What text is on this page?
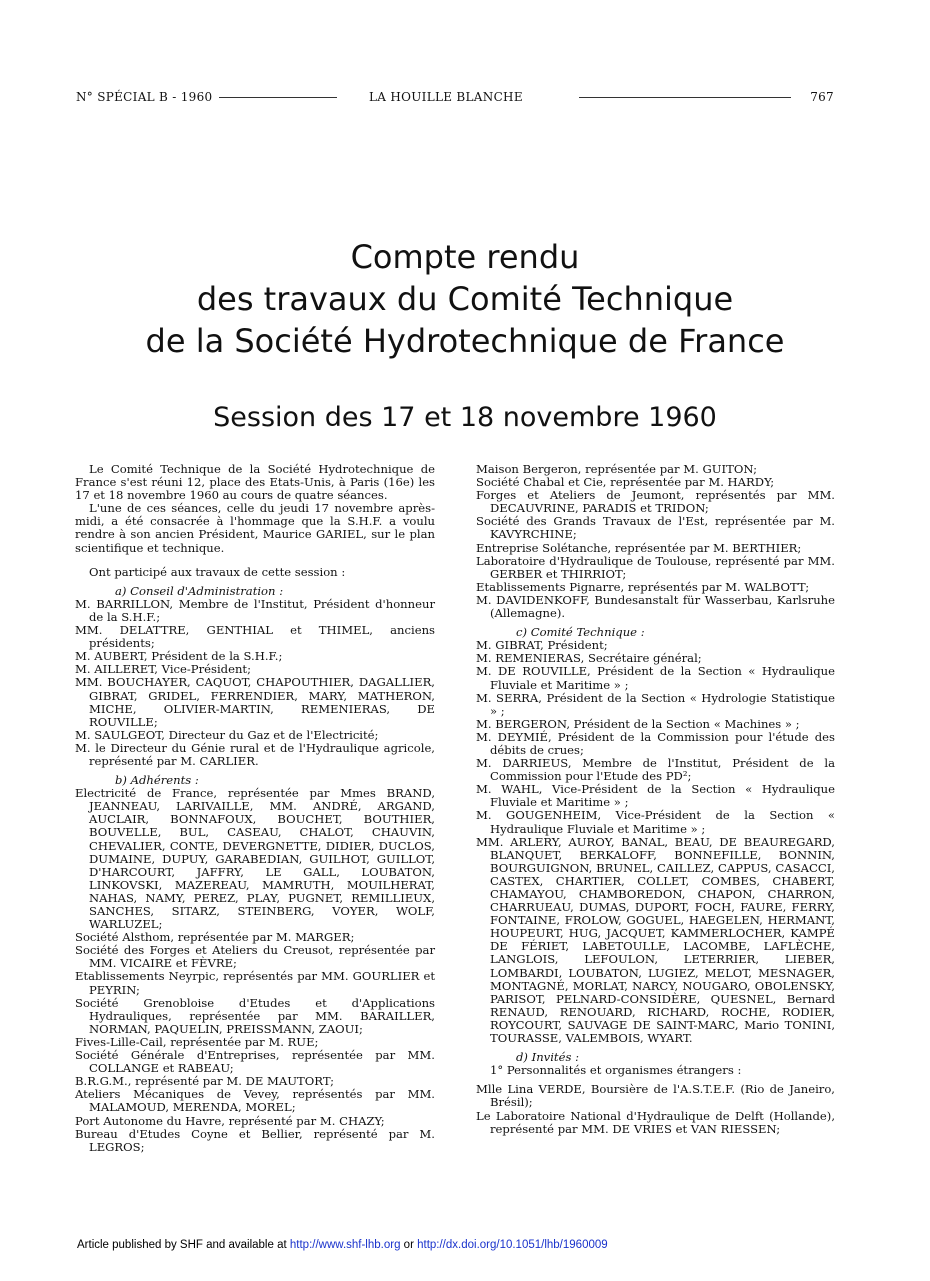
N° SPÉCIAL B - 1960	LA HOUILLE BLANCHE	767
Compte rendu
des travaux du Comité Technique
de la Société Hydrotechnique de France
Session des 17 et 18 novembre 1960

Le Comité Technique de la Société Hydrotechnique de France s'est réuni 12, place des Etats-Unis, à Paris (16e) les 17 et 18 novembre 1960 au cours de quatre séances.

L'une de ces séances, celle du jeudi 17 novembre après-midi, a été consacrée à l'hommage que la S.H.F. a voulu rendre à son ancien Président, Maurice GARIEL, sur le plan scientifique et technique.

Ont participé aux travaux de cette session :

a) Conseil d'Administration :

M. BARRILLON, Membre de l'Institut, Président d'honneur de la S.H.F.;

MM. DELATTRE, GENTHIAL et THIMEL, anciens présidents;

M. AUBERT, Président de la S.H.F.;

M. AILLERET, Vice-Président;

MM. BOUCHAYER, CAQUOT, CHAPOUTHIER, DAGALLIER, GIBRAT, GRIDEL, FERRENDIER, MARY, MATHERON, MICHE, OLIVIER-MARTIN, REMENIERAS, DE ROUVILLE;

M. SAULGEOT, Directeur du Gaz et de l'Electricité;

M. le Directeur du Génie rural et de l'Hydraulique agricole, représenté par M. CARLIER.

b) Adhérents :

Electricité de France, représentée par Mmes BRAND, JEANNEAU, LARIVAILLE, MM. ANDRÉ, ARGAND, AUCLAIR, BONNAFOUX, BOUCHET, BOUTHIER, BOUVELLE, BUL, CASEAU, CHALOT, CHAUVIN, CHEVALIER, CONTE, DEVERGNETTE, DIDIER, DUCLOS, DUMAINE, DUPUY, GARABEDIAN, GUILHOT, GUILLOT, D'HARCOURT, JAFFRY, LE GALL, LOUBATON, LINKOVSKI, MAZEREAU, MAMRUTH, MOUILHERAT, NAHAS, NAMY, PEREZ, PLAY, PUGNET, REMILLIEUX, SANCHES, SITARZ, STEINBERG, VOYER, WOLF, WARLUZEL;

Société Alsthom, représentée par M. MARGER;

Société des Forges et Ateliers du Creusot, représentée par MM. VICAIRE et FÈVRE;

Etablissements Neyrpic, représentés par MM. GOURLIER et PEYRIN;

Société Grenobloise d'Etudes et d'Applications Hydrauliques, représentée par MM. BARAILLER, NORMAN, PAQUELIN, PREISSMANN, ZAOUI;

Fives-Lille-Cail, représentée par M. RUE;

Société Générale d'Entreprises, représentée par MM. COLLANGE et RABEAU;

B.R.G.M., représenté par M. DE MAUTORT;

Ateliers Mécaniques de Vevey, représentés par MM. MALAMOUD, MERENDA, MOREL;

Port Autonome du Havre, représenté par M. CHAZY;

Bureau d'Etudes Coyne et Bellier, représenté par M. LEGROS;

Maison Bergeron, représentée par M. GUITON;

Société Chabal et Cie, représentée par M. HARDY;

Forges et Ateliers de Jeumont, représentés par MM. DECAUVRINE, PARADIS et TRIDON;

Société des Grands Travaux de l'Est, représentée par M. KAVYRCHINE;

Entreprise Solétanche, représentée par M. BERTHIER;

Laboratoire d'Hydraulique de Toulouse, représenté par MM. GERBER et THIRRIOT;

Etablissements Pignarre, représentés par M. WALBOTT;

M. DAVIDENKOFF, Bundesanstalt für Wasserbau, Karlsruhe (Allemagne).

c) Comité Technique :

M. GIBRAT, Président;

M. REMENIERAS, Secrétaire général;

M. DE ROUVILLE, Président de la Section « Hydraulique Fluviale et Maritime » ;

M. SERRA, Président de la Section « Hydrologie Statistique » ;

M. BERGERON, Président de la Section « Machines » ;

M. DEYMIÉ, Président de la Commission pour l'étude des débits de crues;

M. DARRIEUS, Membre de l'Institut, Président de la Commission pour l'Etude des PD²;

M. WAHL, Vice-Président de la Section « Hydraulique Fluviale et Maritime » ;

M. GOUGENHEIM, Vice-Président de la Section « Hydraulique Fluviale et Maritime » ;

MM. ARLERY, AUROY, BANAL, BEAU, DE BEAUREGARD, BLANQUET, BERKALOFF, BONNEFILLE, BONNIN, BOURGUIGNON, BRUNEL, CAILLEZ, CAPPUS, CASACCI, CASTEX, CHARTIER, COLLET, COMBES, CHABERT, CHAMAYOU, CHAMBOREDON, CHAPON, CHARRON, CHARRUEAU, DUMAS, DUPORT, FOCH, FAURE, FERRY, FONTAINE, FROLOW, GOGUEL, HAEGELEN, HERMANT, HOUPEURT, HUG, JACQUET, KAMMERLOCHER, KAMPÉ DE FÉRIET, LABETOULLE, LACOMBE, LAFLÈCHE, LANGLOIS, LEFOULON, LETERRIER, LIEBER, LOMBARDI, LOUBATON, LUGIEZ, MELOT, MESNAGER, MONTAGNÉ, MORLAT, NARCY, NOUGARO, OBOLENSKY, PARISOT, PELNARD-CONSIDÈRE, QUESNEL, Bernard RENAUD, RENOUARD, RICHARD, ROCHE, RODIER, ROYCOURT, SAUVAGE DE SAINT-MARC, Mario TONINI, TOURASSE, VALEMBOIS, WYART.

d) Invités :

1° Personnalités et organismes étrangers :

Mlle Lina VERDE, Boursière de l'A.S.T.E.F. (Rio de Janeiro, Brésil);

Le Laboratoire National d'Hydraulique de Delft (Hollande), représenté par MM. DE VRIES et VAN RIESSEN;

Article published by SHF and available at http://www.shf-lhb.org or http://dx.doi.org/10.1051/lhb/1960009
